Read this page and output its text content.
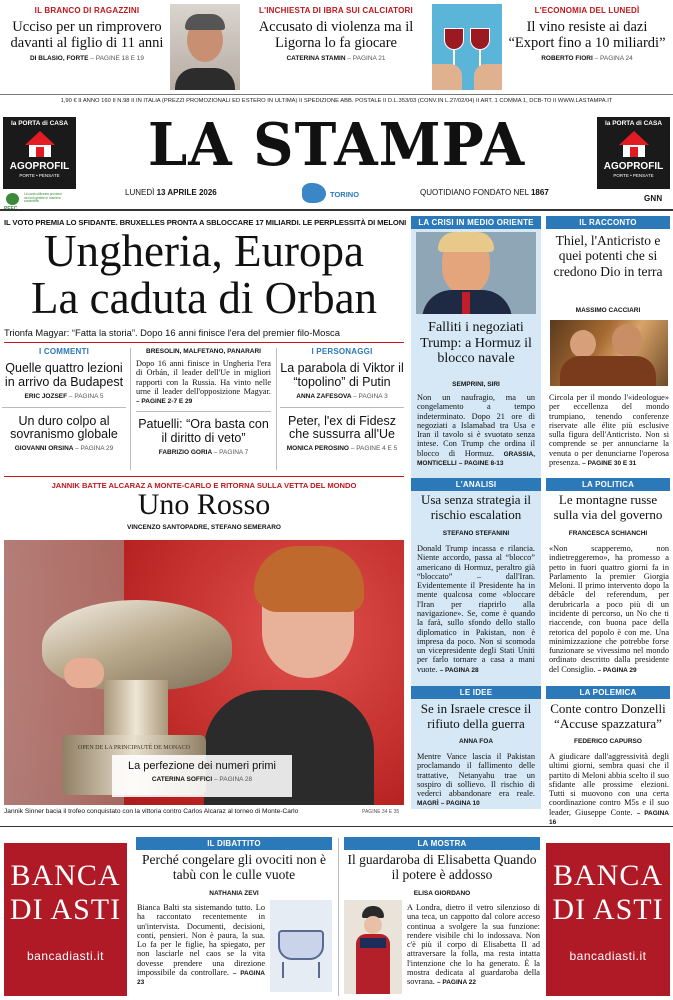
IL BRANCO DI RAGAZZINI
Ucciso per un rimprovero davanti al figlio di 11 anni
DI BLASIO, FORTE – PAGINE 18 E 19
L'INCHIESTA DI IBRA SUI CALCIATORI
Accusato di violenza ma il Ligorna lo fa giocare
CATERINA STAMIN – PAGINA 21
L'ECONOMIA DEL LUNEDÌ
Il vino resiste ai dazi “Export fino a 10 miliardi”
ROBERTO FIORI – PAGINA 24
1,90 € II ANNO 160 II N.98 II IN ITALIA (PREZZI PROMOZIONALI ED ESTERO IN ULTIMA) II SPEDIZIONE ABB. POSTALE II D.L.353/03 (CONV.IN L.27/02/04) II ART. 1 COMMA 1, DCB-TO II WWW.LASTAMPA.IT
la PORTA di CASA
AGOPROFIL
PORTE • PENSATE
la PORTA di CASA
AGOPROFIL
PORTE • PENSATE
LA STAMPA
La carta utilizzata proviene da fonti gestite in maniera sostenibile
LUNEDÌ 13 APRILE 2026	TORINO	QUOTIDIANO FONDATO NEL 1867
GNN
IL VOTO PREMIA LO SFIDANTE. BRUXELLES PRONTA A SBLOCCARE 17 MILIARDI. LE PERPLESSITÀ DI MELONI
Ungheria, Europa
La caduta di Orban
Trionfa Magyar: “Fatta la storia”. Dopo 16 anni finisce l'era del premier filo-Mosca
I COMMENTI
Quelle quattro lezioni in arrivo da Budapest
ERIC JOZSEF – PAGINA 5
Un duro colpo al sovranismo globale
GIOVANNI ORSINA – PAGINA 29
BRESOLIN, MALFETANO, PANARARI
Dopo 16 anni finisce in Ungheria l'era di Orbán, il leader dell'Ue in migliori rapporti con la Russia. Ha vinto nelle urne il leader dell'opposizione Magyar. – PAGINE 2-7 E 29
Patuelli: “Ora basta con il diritto di veto”
FABRIZIO GORIA – PAGINA 7
I PERSONAGGI
La parabola di Viktor il “topolino” di Putin
ANNA ZAFESOVA – PAGINA 3
Peter, l'ex di Fidesz che sussurra all'Ue
MONICA PEROSINO – PAGINE 4 E 5
JANNIK BATTE ALCARAZ A MONTE-CARLO E RITORNA SULLA VETTA DEL MONDO
Uno Rosso
VINCENZO SANTOPADRE, STEFANO SEMERARO
OPEN DE LA PRINCIPAUTÉ DE MONACO
La perfezione dei numeri primi
CATERINA SOFFICI – PAGINA 28
Jannik Sinner bacia il trofeo conquistato con la vittoria contro Carlos Alcaraz al torneo di Monte-Carlo	PAGINE 34 E 35
LA CRISI IN MEDIO ORIENTE
Falliti i negoziati Trump: a Hormuz il blocco navale
SEMPRINI, SIRI
Non un naufragio, ma un congelamento a tempo indeterminato. Dopo 21 ore di negoziati a Islamabad tra Usa e Iran il tavolo si è svuotato senza intese. Con Trump che ordina il blocco di Hormuz. GRASSIA, MONTICELLI – PAGINE 8-13
L'ANALISI
Usa senza strategia il rischio escalation
STEFANO STEFANINI
Donald Trump incassa e rilancia. Niente accordo, passa al “blocco” americano di Hormuz, peraltro già “bloccato” – dall'Iran. Evidentemente il Presidente ha in mente qualcosa come «bloccare l'Iran per riaprirlo alla navigazione». Se, come è quando la farà, sullo sfondo dello stallo diplomatico in Pakistan, non è impresa da poco. Non si scomoda un vicepresidente degli Stati Uniti per farlo tornare a casa a mani vuote. – PAGINA 28
LE IDEE
Se in Israele cresce il rifiuto della guerra
ANNA FOA
Mentre Vance lascia il Pakistan proclamando il fallimento delle trattative, Netanyahu trae un sospiro di sollievo. Il rischio di vederci abbandonare era reale. MAGRÌ – PAGINA 10
IL RACCONTO
Thiel, l'Anticristo e quei potenti che si credono Dio in terra
MASSIMO CACCIARI
Circola per il mondo l'«ideologue» per eccellenza del mondo trumpiano, tenendo conferenze riservate alle élite più esclusive sulla figura dell'Anticristo. Non si comprende se per annunciarne la venuta o per denunciarne l'operosa presenza. – PAGINE 30 E 31
LA POLITICA
Le montagne russe sulla via del governo
FRANCESCA SCHIANCHI
«Non scapperemo, non indietreggeremo», ha promesso a petto in fuori quattro giorni fa in Parlamento la premier Giorgia Meloni. Il primo intervento dopo la débâcle del referendum, per derubricarla a poco più di un incidente di percorso, un No che ti riaccende, con buona pace della retorica del popolo è con me. Una minimizzazione che potrebbe forse funzionare se vivessimo nel mondo ordinato descritto dalla presidente del Consiglio. – PAGINA 29
LA POLEMICA
Conte contro Donzelli “Accuse spazzatura”
FEDERICO CAPURSO
A giudicare dall'aggressività degli ultimi giorni, sembra quasi che il partito di Meloni abbia scelto il suo sfidante alle prossime elezioni. Tutti si muovono con una certa coordinazione contro M5s e il suo leader, Giuseppe Conte. – PAGINA 16
BANCA
DI ASTI
bancadiasti.it
BANCA
DI ASTI
bancadiasti.it
IL DIBATTITO
Perché congelare gli ovociti non è tabù con le culle vuote
NATHANIA ZEVI
Bianca Balti sta sistemando tutto. Lo ha raccontato recentemente in un'intervista. Documenti, decisioni, conti, pensieri. Non è paura, la sua. Lo fa per le figlie, ha spiegato, per non lasciarle nel caos se la vita dovesse prendere una direzione impossibile da controllare. – PAGINA 23
LA MOSTRA
Il guardaroba di Elisabetta Quando il potere è addosso
ELISA GIORDANO
A Londra, dietro il vetro silenzioso di una teca, un cappotto dal colore acceso continua a svolgere la sua funzione: rendere visibile chi lo indossava. Non c'è più il corpo di Elisabetta II ad attraversare la folla, ma resta intatta l'intenzione che lo ha generato. È la mostra dedicata al guardaroba della sovrana. – PAGINA 22
